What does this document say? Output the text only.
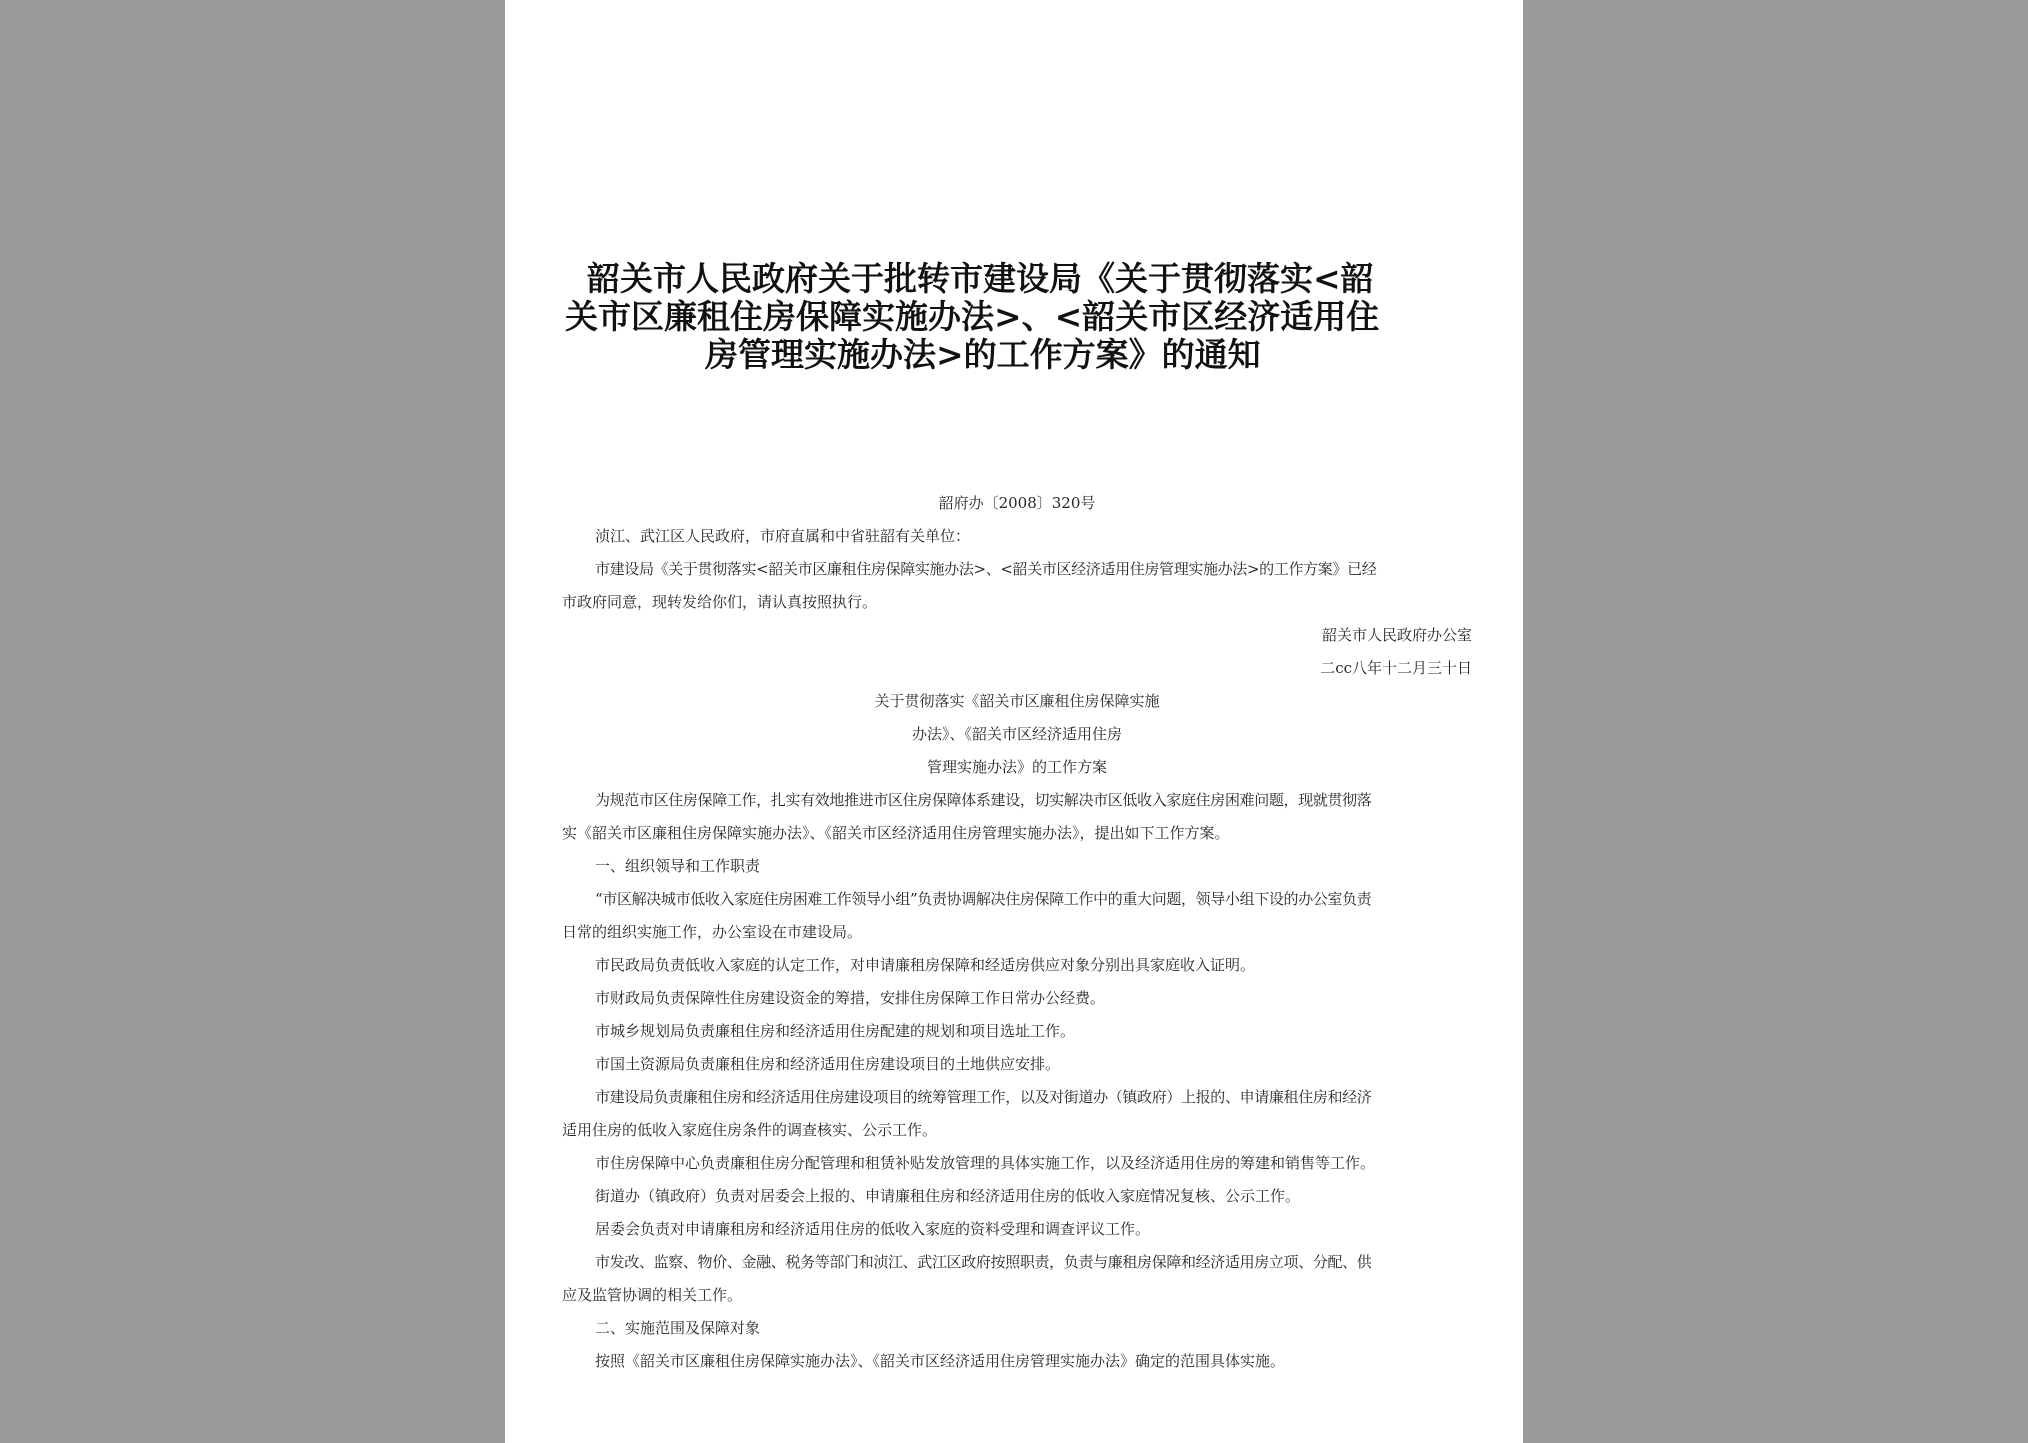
韶关市人民政府关于批转市建设局《关于贯彻落实<韶
关市区廉租住房保障实施办法>、<韶关市区经济适用住
房管理实施办法>的工作方案》的通知
韶府办〔2008〕320号
浈江、武江区人民政府，市府直属和中省驻韶有关单位：
市建设局《关于贯彻落实<韶关市区廉租住房保障实施办法>、<韶关市区经济适用住房管理实施办法>的工作方案》已经
市政府同意，现转发给你们，请认真按照执行。
韶关市人民政府办公室
二cc八年十二月三十日
关于贯彻落实《韶关市区廉租住房保障实施
办法》、《韶关市区经济适用住房
管理实施办法》的工作方案
为规范市区住房保障工作，扎实有效地推进市区住房保障体系建设，切实解决市区低收入家庭住房困难问题，现就贯彻落
实《韶关市区廉租住房保障实施办法》、《韶关市区经济适用住房管理实施办法》，提出如下工作方案。
一、组织领导和工作职责
“市区解决城市低收入家庭住房困难工作领导小组”负责协调解决住房保障工作中的重大问题，领导小组下设的办公室负责
日常的组织实施工作，办公室设在市建设局。
市民政局负责低收入家庭的认定工作，对申请廉租房保障和经适房供应对象分别出具家庭收入证明。
市财政局负责保障性住房建设资金的筹措，安排住房保障工作日常办公经费。
市城乡规划局负责廉租住房和经济适用住房配建的规划和项目选址工作。
市国土资源局负责廉租住房和经济适用住房建设项目的土地供应安排。
市建设局负责廉租住房和经济适用住房建设项目的统筹管理工作，以及对街道办（镇政府）上报的、申请廉租住房和经济
适用住房的低收入家庭住房条件的调查核实、公示工作。
市住房保障中心负责廉租住房分配管理和租赁补贴发放管理的具体实施工作，以及经济适用住房的筹建和销售等工作。
街道办（镇政府）负责对居委会上报的、申请廉租住房和经济适用住房的低收入家庭情况复核、公示工作。
居委会负责对申请廉租房和经济适用住房的低收入家庭的资料受理和调查评议工作。
市发改、监察、物价、金融、税务等部门和浈江、武江区政府按照职责，负责与廉租房保障和经济适用房立项、分配、供
应及监管协调的相关工作。
二、实施范围及保障对象
按照《韶关市区廉租住房保障实施办法》、《韶关市区经济适用住房管理实施办法》确定的范围具体实施。
